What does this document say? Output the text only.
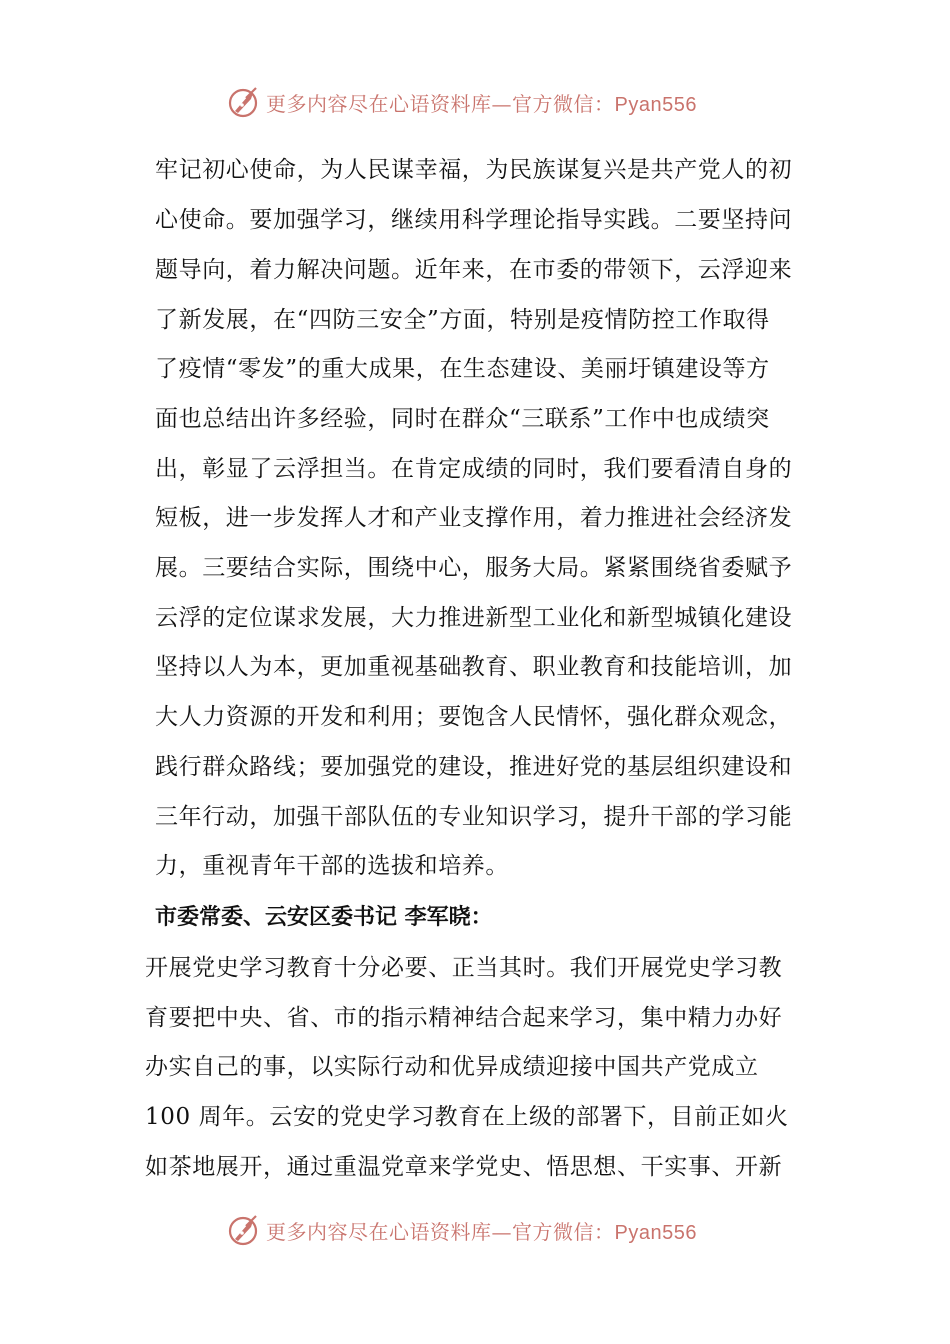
更多内容尽在心语资料库—官方微信：Pyan556
牢记初心使命，为人民谋幸福，为民族谋复兴是共产党人的初
心使命。要加强学习，继续用科学理论指导实践。二要坚持问
题导向，着力解决问题。近年来，在市委的带领下，云浮迎来
了新发展，在“四防三安全”方面，特别是疫情防控工作取得
了疫情“零发”的重大成果，在生态建设、美丽圩镇建设等方
面也总结出许多经验，同时在群众“三联系”工作中也成绩突
出，彰显了云浮担当。在肯定成绩的同时，我们要看清自身的
短板，进一步发挥人才和产业支撑作用，着力推进社会经济发
展。三要结合实际，围绕中心，服务大局。紧紧围绕省委赋予
云浮的定位谋求发展，大力推进新型工业化和新型城镇化建设
坚持以人为本，更加重视基础教育、职业教育和技能培训，加
大人力资源的开发和利用；要饱含人民情怀，强化群众观念，
践行群众路线；要加强党的建设，推进好党的基层组织建设和
三年行动，加强干部队伍的专业知识学习，提升干部的学习能
力，重视青年干部的选拔和培养。
市委常委、云安区委书记 李军晓：
开展党史学习教育十分必要、正当其时。我们开展党史学习教
育要把中央、省、市的指示精神结合起来学习，集中精力办好
办实自己的事，以实际行动和优异成绩迎接中国共产党成立
100 周年。云安的党史学习教育在上级的部署下，目前正如火
如茶地展开，通过重温党章来学党史、悟思想、干实事、开新
更多内容尽在心语资料库—官方微信：Pyan556
